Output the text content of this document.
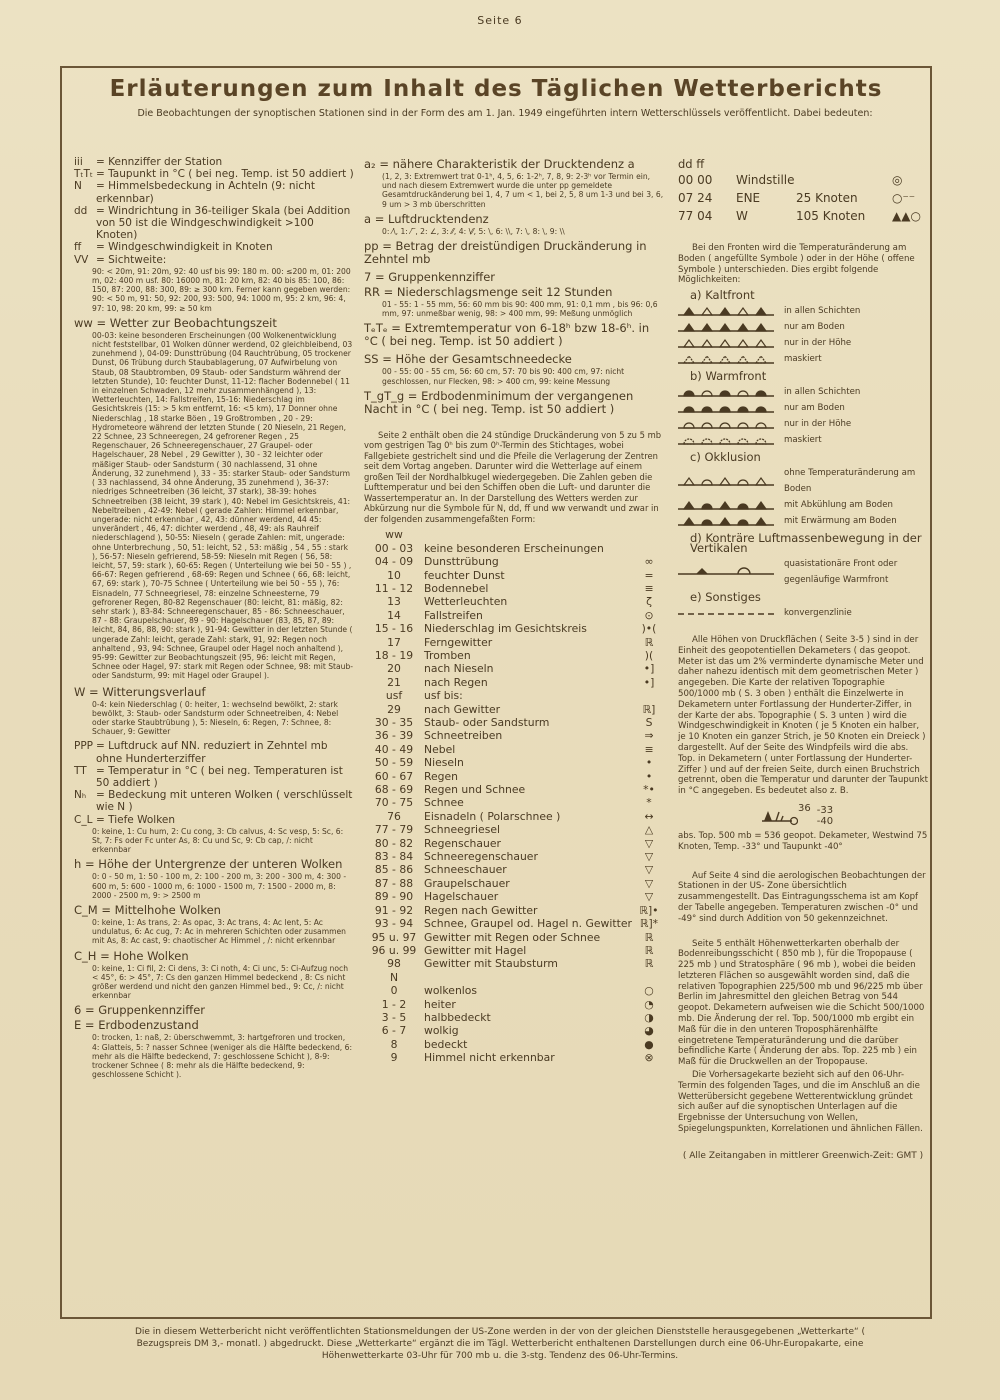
Seite 6
Erläuterungen zum Inhalt des Täglichen Wetterberichts
Die Beobachtungen der synoptischen Stationen sind in der Form des am 1. Jan. 1949 eingeführten intern Wetterschlüssels veröffentlicht. Dabei bedeuten:
iii	= Kennziffer der Station
TₜTₜ = Taupunkt in °C ( bei neg. Temp. ist 50 addiert )
N	= Himmelsbedeckung in Achteln (9: nicht erkennbar)
dd = Windrichtung in 36-teiliger Skala (bei Addition von 50 ist die Windgeschwindigkeit >100 Knoten)
ff	= Windgeschwindigkeit in Knoten
VV = Sichtweite:
90: < 20m, 91: 20m, 92: 40 usf bis 99: 180 m. 00: ≤200 m, 01: 200 m, 02: 400 m usf. 80: 16000 m, 81: 20 km, 82: 40 bis 85: 100, 86: 150, 87: 200, 88: 300, 89: ≥ 300 km. Ferner kann gegeben werden: 90: < 50 m, 91: 50, 92: 200, 93: 500, 94: 1000 m, 95: 2 km, 96: 4, 97: 10, 98: 20 km, 99: ≥ 50 km
ww = Wetter zur Beobachtungszeit
00-03: keine besonderen Erscheinungen (00 Wolkenentwicklung nicht feststellbar, 01 Wolken dünner werdend, 02 gleichbleibend, 03 zunehmend ), 04-09: Dunsttrübung (04 Rauchtrübung, 05 trockener Dunst, 06 Trübung durch Staubablagerung, 07 Aufwirbelung von Staub, 08 Staubtromben, 09 Staub- oder Sandsturm während der letzten Stunde), 10: feuchter Dunst, 11-12: flacher Bodennebel ( 11 in einzelnen Schwaden, 12 mehr zusammenhängend ), 13: Wetterleuchten, 14: Fallstreifen, 15-16: Niederschlag im Gesichtskreis (15: > 5 km entfernt, 16: <5 km), 17 Donner ohne Niederschlag , 18 starke Böen , 19 Großtromben , 20 - 29: Hydrometeore während der letzten Stunde ( 20 Nieseln, 21 Regen, 22 Schnee, 23 Schneeregen, 24 gefrorener Regen , 25 Regenschauer, 26 Schneeregenschauer, 27 Graupel- oder Hagelschauer, 28 Nebel , 29 Gewitter ), 30 - 32 leichter oder mäßiger Staub- oder Sandsturm ( 30 nachlassend, 31 ohne Änderung, 32 zunehmend ), 33 - 35: starker Staub- oder Sandsturm ( 33 nachlassend, 34 ohne Änderung, 35 zunehmend ), 36-37: niedriges Schneetreiben (36 leicht, 37 stark), 38-39: hohes Schneetreiben (38 leicht, 39 stark ), 40: Nebel im Gesichtskreis, 41: Nebeltreiben , 42-49: Nebel ( gerade Zahlen: Himmel erkennbar, ungerade: nicht erkennbar , 42, 43: dünner werdend, 44 45: unverändert , 46, 47: dichter werdend , 48, 49: als Rauhreif niederschlagend ), 50-55: Nieseln ( gerade Zahlen: mit, ungerade: ohne Unterbrechung , 50, 51: leicht, 52 , 53: mäßig , 54 , 55 : stark ), 56-57: Nieseln gefrierend, 58-59: Nieseln mit Regen ( 56, 58: leicht, 57, 59: stark ), 60-65: Regen ( Unterteilung wie bei 50 - 55 ) , 66-67: Regen gefrierend , 68-69: Regen und Schnee ( 66, 68: leicht, 67, 69: stark ), 70-75 Schnee ( Unterteilung wie bei 50 - 55 ), 76: Eisnadeln, 77 Schneegriesel, 78: einzelne Schneesterne, 79 gefrorener Regen, 80-82 Regenschauer (80: leicht, 81: mäßig, 82: sehr stark ), 83-84: Schneeregenschauer, 85 - 86: Schneeschauer, 87 - 88: Graupelschauer, 89 - 90: Hagelschauer (83, 85, 87, 89: leicht, 84, 86, 88, 90: stark ), 91-94: Gewitter in der letzten Stunde ( ungerade Zahl: leicht, gerade Zahl: stark, 91, 92: Regen noch anhaltend , 93, 94: Schnee, Graupel oder Hagel noch anhaltend ), 95-99: Gewitter zur Beobachtungszeit (95, 96: leicht mit Regen, Schnee oder Hagel, 97: stark mit Regen oder Schnee, 98: mit Staub- oder Sandsturm, 99: mit Hagel oder Graupel ).
W = Witterungsverlauf
0-4: kein Niederschlag ( 0: heiter, 1: wechselnd bewölkt, 2: stark bewölkt, 3: Staub- oder Sandsturm oder Schneetreiben, 4: Nebel oder starke Staubtrübung ), 5: Nieseln, 6: Regen, 7: Schnee, 8: Schauer, 9: Gewitter
PPP = Luftdruck auf NN. reduziert in Zehntel mb ohne Hunderterziffer
TT = Temperatur in °C ( bei neg. Temperaturen ist 50 addiert )
Nₕ = Bedeckung mit unteren Wolken ( verschlüsselt wie N )
C_L = Tiefe Wolken
0: keine, 1: Cu hum, 2: Cu cong, 3: Cb calvus, 4: Sc vesp, 5: Sc, 6: St, 7: Fs oder Fc unter As, 8: Cu und Sc, 9: Cb cap, /: nicht erkennbar
h = Höhe der Untergrenze der unteren Wolken
0: 0 - 50 m, 1: 50 - 100 m, 2: 100 - 200 m, 3: 200 - 300 m, 4: 300 - 600 m, 5: 600 - 1000 m, 6: 1000 - 1500 m, 7: 1500 - 2000 m, 8: 2000 - 2500 m, 9: > 2500 m
C_M = Mittelhohe Wolken
0: keine, 1: As trans, 2: As opac, 3: Ac trans, 4: Ac lent, 5: Ac undulatus, 6: Ac cug, 7: Ac in mehreren Schichten oder zusammen mit As, 8: Ac cast, 9: chaotischer Ac Himmel , /: nicht erkennbar
C_H = Hohe Wolken
0: keine, 1: Ci fil, 2: Ci dens, 3: Ci noth, 4: Ci unc, 5: Ci-Aufzug noch < 45°, 6: > 45°, 7: Cs den ganzen Himmel bedeckend , 8: Cs nicht größer werdend und nicht den ganzen Himmel bed., 9: Cc, /: nicht erkennbar
6 = Gruppenkennziffer
E = Erdbodenzustand
0: trocken, 1: naß, 2: überschwemmt, 3: hartgefroren und trocken, 4: Glatteis, 5: ? nasser Schnee (weniger als die Hälfte bedeckend, 6: mehr als die Hälfte bedeckend, 7: geschlossene Schicht ), 8-9: trockener Schnee ( 8: mehr als die Hälfte bedeckend, 9: geschlossene Schicht ).
a₂ = nähere Charakteristik der Drucktendenz a
(1, 2, 3: Extremwert trat 0-1ʰ, 4, 5, 6: 1-2ʰ, 7, 8, 9: 2-3ʰ vor Termin ein, und nach diesem Extremwert wurde die unter pp gemeldete Gesamtdruckänderung bei 1, 4, 7 um < 1, bei 2, 5, 8 um 1-3 und bei 3, 6, 9 um > 3 mb überschritten
a = Luftdrucktendenz
0: ⁄\, 1: ⁄‾, 2: ∠, 3: ⁄⁄, 4: \⁄⁄, 5: \, 6: \\, 7: \, 8: \, 9: \\
pp = Betrag der dreistündigen Druckänderung in Zehntel mb
7 = Gruppenkennziffer
RR = Niederschlagsmenge seit 12 Stunden
01 - 55: 1 - 55 mm, 56: 60 mm bis 90: 400 mm, 91: 0,1 mm , bis 96: 0,6 mm, 97: unmeßbar wenig, 98: > 400 mm, 99: Meßung unmöglich
TₑTₑ = Extremtemperatur von 6-18ʰ bzw 18-6ʰ. in °C ( bei neg. Temp. ist 50 addiert )
SS = Höhe der Gesamtschneedecke
00 - 55: 00 - 55 cm, 56: 60 cm, 57: 70 bis 90: 400 cm, 97: nicht geschlossen, nur Flecken, 98: > 400 cm, 99: keine Messung
T_gT_g = Erdbodenminimum der vergangenen Nacht in °C ( bei neg. Temp. ist 50 addiert )
Seite 2 enthält oben die 24 stündige Druckänderung von 5 zu 5 mb vom gestrigen Tag 0ʰ bis zum 0ʰ-Termin des Stichtages, wobei Fallgebiete gestrichelt sind und die Pfeile die Verlagerung der Zentren seit dem Vortag angeben. Darunter wird die Wetterlage auf einem großen Teil der Nordhalbkugel wiedergegeben. Die Zahlen geben die Lufttemperatur und bei den Schiffen oben die Luft- und darunter die Wassertemperatur an. In der Darstellung des Wetters werden zur Abkürzung nur die Symbole für N, dd, ff und ww verwandt und zwar in der folgenden zusammengefaßten Form:
ww
00 - 03	keine besonderen Erscheinungen
04 - 09	Dunsttrübung	∞
10	feuchter Dunst	=
11 - 12	Bodennebel	≡
13	Wetterleuchten	ζ
14	Fallstreifen	⊙
15 - 16	Niederschlag im Gesichtskreis	)•(
17	Ferngewitter	ℝ
18 - 19	Tromben	)(
20	nach Nieseln	•]
21	nach Regen	•]
usf	usf bis:
29	nach Gewitter	ℝ]
30 - 35	Staub- oder Sandsturm	S
36 - 39	Schneetreiben	⇒
40 - 49	Nebel	≡
50 - 59	Nieseln	•
60 - 67	Regen	•
68 - 69	Regen und Schnee	*•
70 - 75	Schnee	*
76	Eisnadeln ( Polarschnee )	↔
77 - 79	Schneegriesel	△
80 - 82	Regenschauer	▽
83 - 84	Schneeregenschauer	▽
85 - 86	Schneeschauer	▽
87 - 88	Graupelschauer	▽
89 - 90	Hagelschauer	▽
91 - 92	Regen nach Gewitter	ℝ]•
93 - 94	Schnee, Graupel od. Hagel n. Gewitter ℝ]*
95 u. 97 Gewitter mit Regen oder Schnee	ℝ
96 u. 99 Gewitter mit Hagel	ℝ
98	Gewitter mit Staubsturm	ℝ
N
0	wolkenlos	○
1 - 2	heiter	◔
3 - 5	halbbedeckt	◑
6 - 7	wolkig	◕
8	bedeckt	●
9	Himmel nicht erkennbar	⊗
dd ff
00 00	Windstille	◎
07 24	ENE	25 Knoten	○⁻⁻
77 04	W	105 Knoten	▲▲○
Bei den Fronten wird die Temperaturänderung am Boden ( angefüllte Symbole ) oder in der Höhe ( offene Symbole ) unterschieden. Dies ergibt folgende Möglichkeiten:
a) Kaltfront
in allen Schichten
nur am Boden
nur in der Höhe
maskiert
b) Warmfront
in allen Schichten
nur am Boden
nur in der Höhe
maskiert
c) Okklusion
ohne Temperaturänderung am Boden
mit Abkühlung am Boden
mit Erwärmung am Boden
d) Konträre Luftmassenbewegung in der Vertikalen
quasistationäre Front oder gegenläufige Warmfront
e) Sonstiges
konvergenzlinie
Alle Höhen von Druckflächen ( Seite 3-5 ) sind in der Einheit des geopotentiellen Dekameters ( das geopot. Meter ist das um 2% verminderte dynamische Meter und daher nahezu identisch mit dem geometrischen Meter ) angegeben. Die Karte der relativen Topographie 500/1000 mb ( S. 3 oben ) enthält die Einzelwerte in Dekametern unter Fortlassung der Hunderter-Ziffer, in der Karte der abs. Topographie ( S. 3 unten ) wird die Windgeschwindigkeit in Knoten ( je 5 Knoten ein halber, je 10 Knoten ein ganzer Strich, je 50 Knoten ein Dreieck ) dargestellt. Auf der Seite des Windpfeils wird die abs. Top. in Dekametern ( unter Fortlassung der Hunderter-Ziffer ) und auf der freien Seite, durch einen Bruchstrich getrennt, oben die Temperatur und darunter der Taupunkt in °C angegeben. Es bedeutet also z. B.
36 -33
-40
abs. Top. 500 mb = 536 geopot. Dekameter, Westwind 75 Knoten, Temp. -33° und Taupunkt -40°
Auf Seite 4 sind die aerologischen Beobachtungen der Stationen in der US- Zone übersichtlich zusammengestellt. Das Eintragungsschema ist am Kopf der Tabelle angegeben. Temperaturen zwischen -0° und -49° sind durch Addition von 50 gekennzeichnet.
Seite 5 enthält Höhenwetterkarten oberhalb der Bodenreibungsschicht ( 850 mb ), für die Tropopause ( 225 mb ) und Stratosphäre ( 96 mb ), wobei die beiden letzteren Flächen so ausgewählt worden sind, daß die relativen Topographien 225/500 mb und 96/225 mb über Berlin im Jahresmittel den gleichen Betrag von 544 geopot. Dekametern aufweisen wie die Schicht 500/1000 mb. Die Änderung der rel. Top. 500/1000 mb ergibt ein Maß für die in den unteren Troposphärenhälfte eingetretene Temperaturänderung und die darüber befindliche Karte ( Änderung der abs. Top. 225 mb ) ein Maß für die Druckwellen an der Tropopause.
Die Vorhersagekarte bezieht sich auf den 06-Uhr-Termin des folgenden Tages, und die im Anschluß an die Wetterübersicht gegebene Wetterentwicklung gründet sich außer auf die synoptischen Unterlagen auf die Ergebnisse der Untersuchung von Wellen, Spiegelungspunkten, Korrelationen und ähnlichen Fällen.
( Alle Zeitangaben in mittlerer Greenwich-Zeit: GMT )
Die in diesem Wetterbericht nicht veröffentlichten Stationsmeldungen der US-Zone werden in der von der gleichen Dienststelle herausgegebenen „Wetterkarte“ ( Bezugspreis DM 3,- monatl. ) abgedruckt. Diese „Wetterkarte“ ergänzt die im Tägl. Wetterbericht enthaltenen Darstellungen durch eine 06-Uhr-Europakarte, eine Höhenwetterkarte 03-Uhr für 700 mb u. die 3-stg. Tendenz des 06-Uhr-Termins.
